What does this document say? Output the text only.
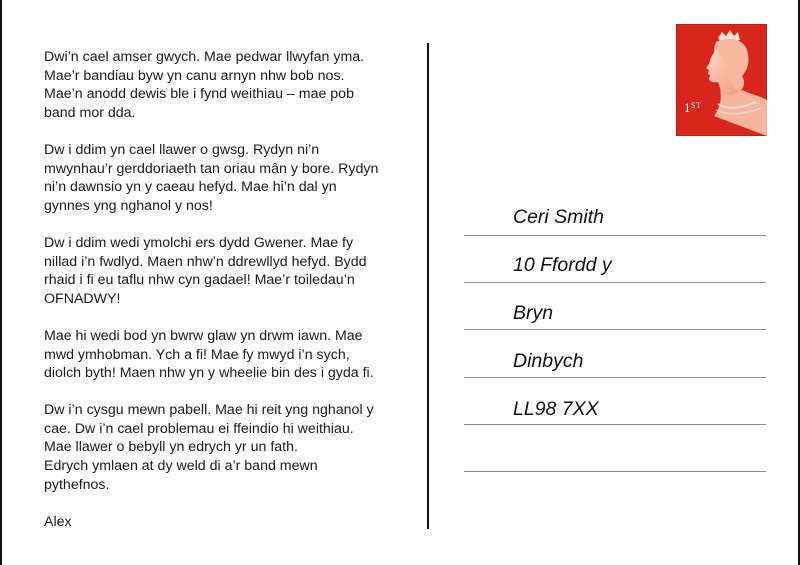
Dwi’n cael amser gwych. Mae pedwar llwyfan yma.
Mae’r bandiau byw yn canu arnyn nhw bob nos.
Mae’n anodd dewis ble i fynd weithiau – mae pob
band mor dda.

Dw i ddim yn cael llawer o gwsg. Rydyn ni’n
mwynhau’r gerddoriaeth tan oriau mân y bore. Rydyn
ni’n dawnsio yn y caeau hefyd. Mae hi’n dal yn
gynnes yng nghanol y nos!

Dw i ddim wedi ymolchi ers dydd Gwener. Mae fy
nillad i’n fwdlyd. Maen nhw’n ddrewllyd hefyd. Bydd
rhaid i fi eu taflu nhw cyn gadael! Mae’r toiledau’n
OFNADWY!

Mae hi wedi bod yn bwrw glaw yn drwm iawn. Mae
mwd ymhobman. Ych a fi! Mae fy mwyd i’n sych,
diolch byth! Maen nhw yn y wheelie bin des i gyda fi.

Dw i’n cysgu mewn pabell. Mae hi reit yng nghanol y
cae. Dw i’n cael problemau ei ffeindio hi weithiau.
Mae llawer o bebyll yn edrych yr un fath.
Edrych ymlaen at dy weld di a’r band mewn
pythefnos.

Alex

1ST
Ceri Smith
10 Ffordd y
Bryn
Dinbych
LL98 7XX
